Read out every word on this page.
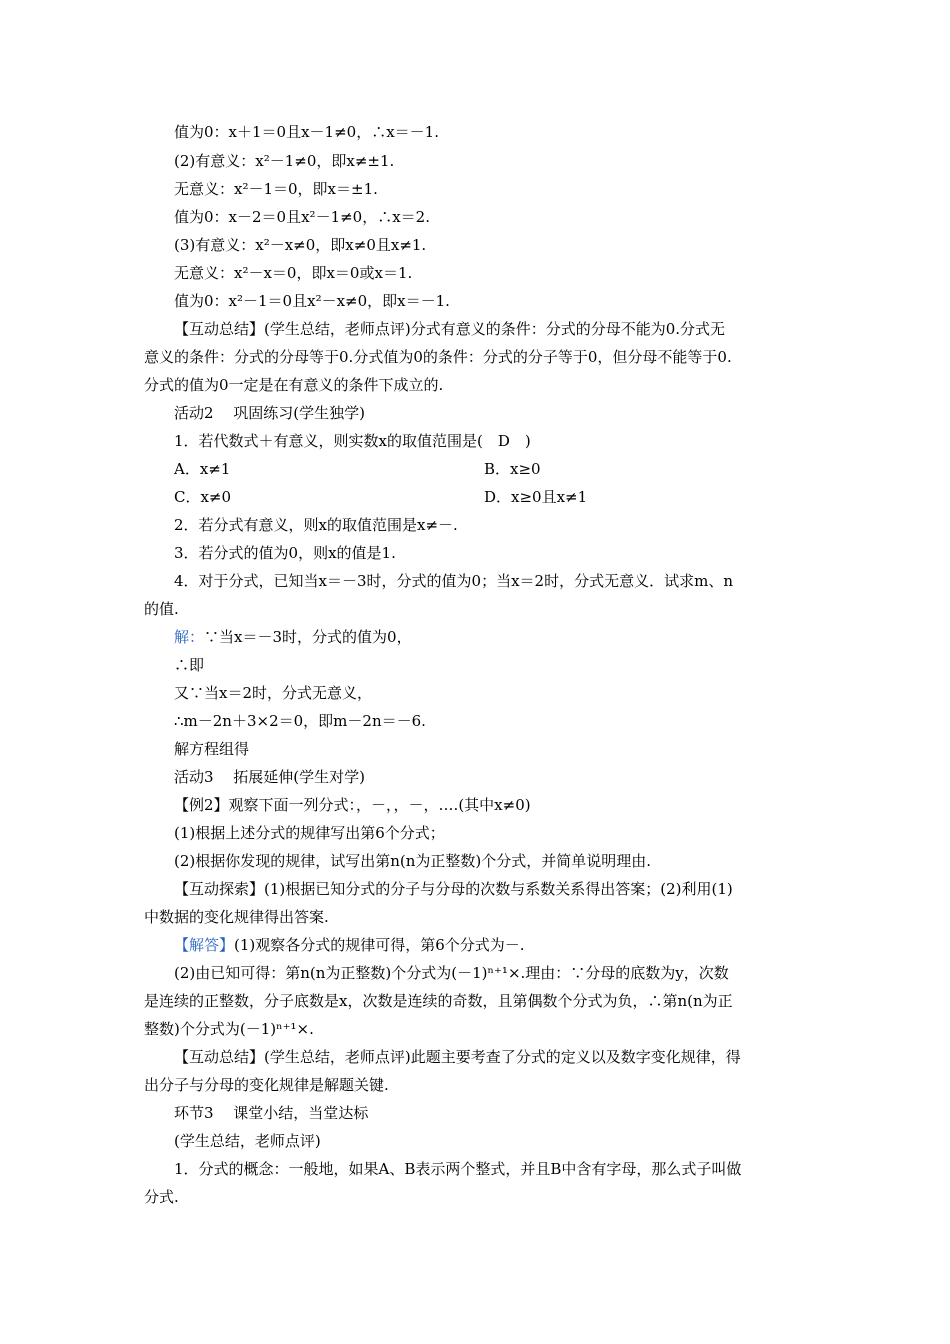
值为0：x＋1＝0且x－1≠0，∴x＝－1.
(2)有意义：x²－1≠0，即x≠±1.
无意义：x²－1＝0，即x＝±1.
值为0：x－2＝0且x²－1≠0，∴x＝2.
(3)有意义：x²－x≠0，即x≠0且x≠1.
无意义：x²－x＝0，即x＝0或x＝1.
值为0：x²－1＝0且x²－x≠0，即x＝－1.
【互动总结】(学生总结，老师点评)分式有意义的条件：分式的分母不能为0.分式无
意义的条件：分式的分母等于0.分式值为0的条件：分式的分子等于0，但分母不能等于0.
分式的值为0一定是在有意义的条件下成立的.
活动2　 巩固练习(学生独学)
1．若代数式＋有意义，则实数x的取值范围是(　D　)
A．x≠1	B．x≥0
C．x≠0	D．x≥0且x≠1
2．若分式有意义，则x的取值范围是x≠－.
3．若分式的值为0，则x的值是1.
4．对于分式，已知当x＝－3时，分式的值为0；当x＝2时，分式无意义．试求m、n
的值.
解：∵当x＝－3时，分式的值为0，
∴即
又∵当x＝2时，分式无意义，
∴m－2n＋3×2＝0，即m－2n＝－6.
解方程组得
活动3　 拓展延伸(学生对学)
【例2】观察下面一列分式：，－，，－，….(其中x≠0)
(1)根据上述分式的规律写出第6个分式；
(2)根据你发现的规律，试写出第n(n为正整数)个分式，并简单说明理由.
【互动探索】(1)根据已知分式的分子与分母的次数与系数关系得出答案；(2)利用(1)
中数据的变化规律得出答案.
【解答】(1)观察各分式的规律可得，第6个分式为－.
(2)由已知可得：第n(n为正整数)个分式为(－1)ⁿ⁺¹×.理由：∵分母的底数为y，次数
是连续的正整数，分子底数是x，次数是连续的奇数，且第偶数个分式为负，∴第n(n为正
整数)个分式为(－1)ⁿ⁺¹×.
【互动总结】(学生总结，老师点评)此题主要考查了分式的定义以及数字变化规律，得
出分子与分母的变化规律是解题关键.
环节3　 课堂小结，当堂达标
(学生总结，老师点评)
1．分式的概念：一般地，如果A、B表示两个整式，并且B中含有字母，那么式子叫做
分式.
